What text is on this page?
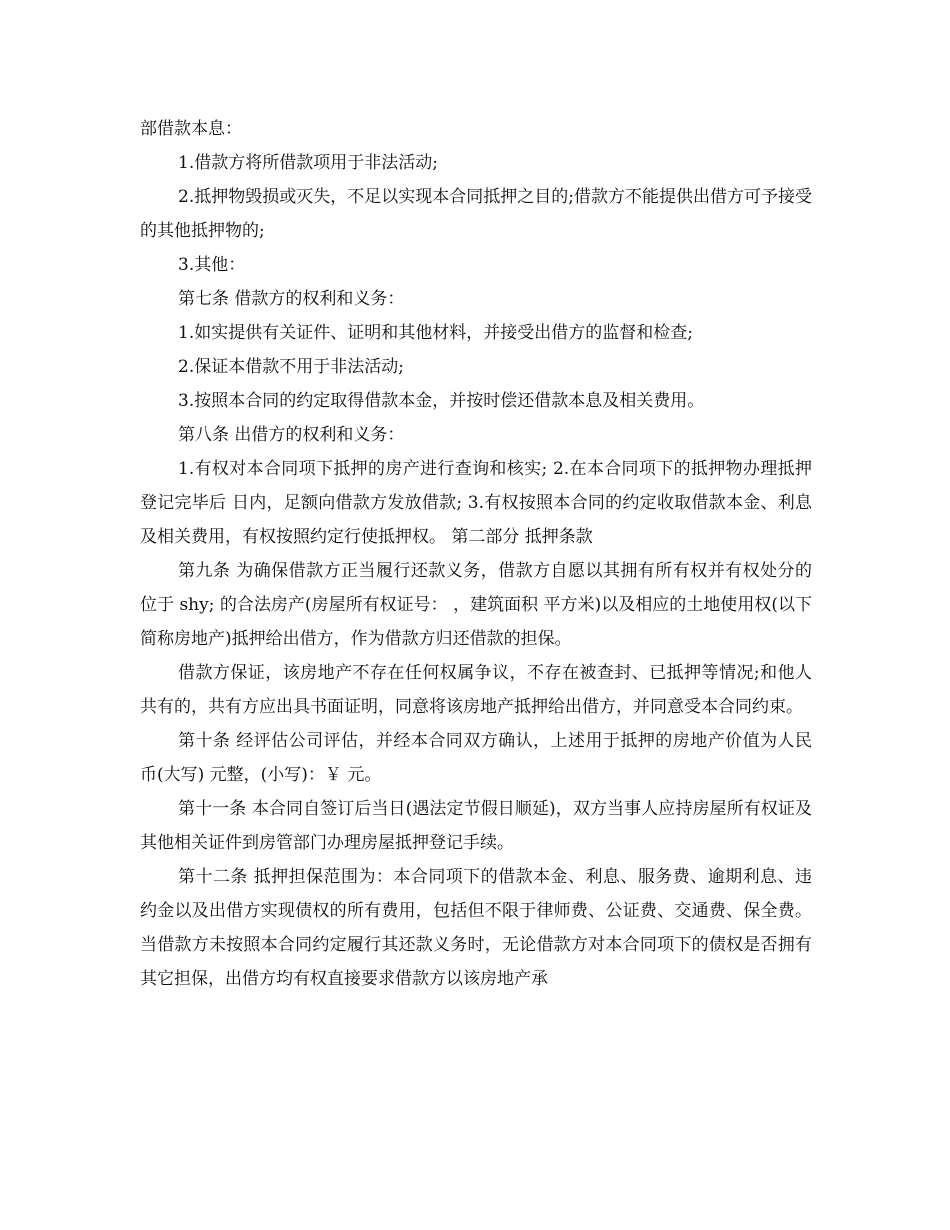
部借款本息：

1.借款方将所借款项用于非法活动;

2.抵押物毁损或灭失，不足以实现本合同抵押之目的;借款方不能提供出借方可予接受的其他抵押物的;

3.其他：

第七条 借款方的权利和义务：

1.如实提供有关证件、证明和其他材料，并接受出借方的监督和检查;

2.保证本借款不用于非法活动;

3.按照本合同的约定取得借款本金，并按时偿还借款本息及相关费用。

第八条 出借方的权利和义务：

1.有权对本合同项下抵押的房产进行查询和核实; 2.在本合同项下的抵押物办理抵押登记完毕后 日内，足额向借款方发放借款; 3.有权按照本合同的约定收取借款本金、利息及相关费用，有权按照约定行使抵押权。 第二部分 抵押条款

第九条 为确保借款方正当履行还款义务，借款方自愿以其拥有所有权并有权处分的位于 shy; 的合法房产(房屋所有权证号： ，建筑面积 平方米)以及相应的土地使用权(以下简称房地产)抵押给出借方，作为借款方归还借款的担保。

借款方保证，该房地产不存在任何权属争议，不存在被查封、已抵押等情况;和他人共有的，共有方应出具书面证明，同意将该房地产抵押给出借方，并同意受本合同约束。

第十条 经评估公司评估，并经本合同双方确认，上述用于抵押的房地产价值为人民币(大写) 元整，(小写)：￥ 元。

第十一条 本合同自签订后当日(遇法定节假日顺延)，双方当事人应持房屋所有权证及其他相关证件到房管部门办理房屋抵押登记手续。

第十二条 抵押担保范围为：本合同项下的借款本金、利息、服务费、逾期利息、违约金以及出借方实现债权的所有费用，包括但不限于律师费、公证费、交通费、保全费。当借款方未按照本合同约定履行其还款义务时，无论借款方对本合同项下的债权是否拥有其它担保，出借方均有权直接要求借款方以该房地产承
